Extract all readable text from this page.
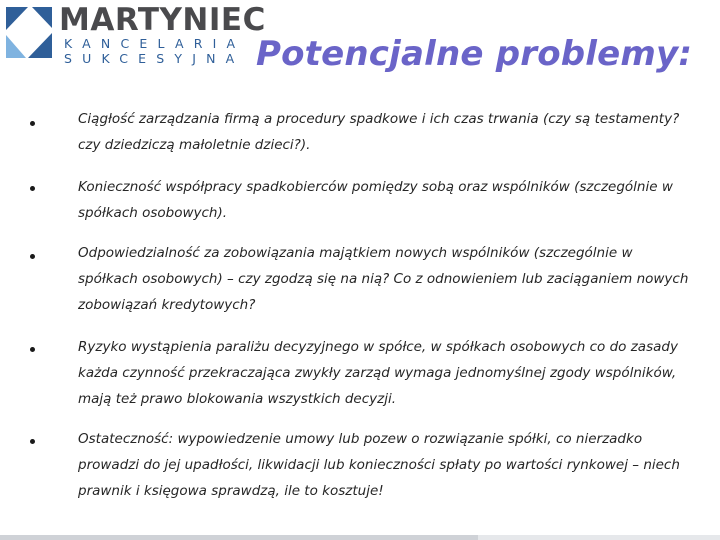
MARTYNIEC
KANCELARIA
SUKCESYJNA Potencjalne problemy:
Ciągłość zarządzania firmą a procedury spadkowe i ich czas trwania (czy są testamenty? czy dziedziczą małoletnie dzieci?).
Konieczność współpracy spadkobierców pomiędzy sobą oraz wspólników (szczególnie w spółkach osobowych).
Odpowiedzialność za zobowiązania majątkiem nowych wspólników (szczególnie w spółkach osobowych) – czy zgodzą się na nią? Co z odnowieniem lub zaciąganiem nowych zobowiązań kredytowych?
Ryzyko wystąpienia paraliżu decyzyjnego w spółce, w spółkach osobowych co do zasady każda czynność przekraczająca zwykły zarząd wymaga jednomyślnej zgody wspólników, mają też prawo blokowania wszystkich decyzji.
Ostateczność: wypowiedzenie umowy lub pozew o rozwiązanie spółki, co nierzadko prowadzi do jej upadłości, likwidacji lub konieczności spłaty po wartości rynkowej – niech prawnik i księgowa sprawdzą, ile to kosztuje!
